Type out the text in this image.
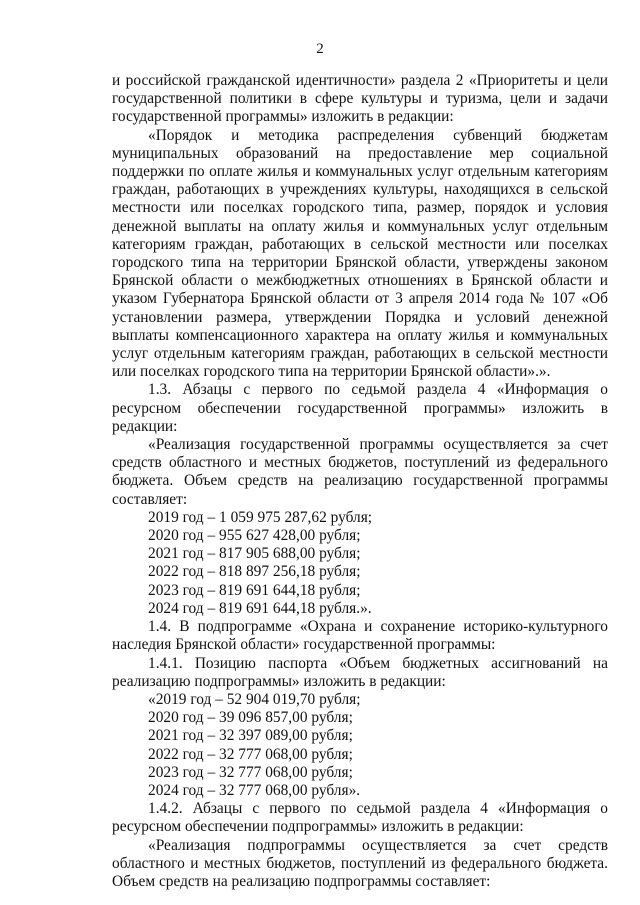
2

и российской гражданской идентичности» раздела 2 «Приоритеты и цели государственной политики в сфере культуры и туризма, цели и задачи государственной программы» изложить в редакции:

«Порядок и методика распределения субвенций бюджетам муниципальных образований на предоставление мер социальной поддержки по оплате жилья и коммунальных услуг отдельным категориям граждан, работающих в учреждениях культуры, находящихся в сельской местности или поселках городского типа, размер, порядок и условия денежной выплаты на оплату жилья и коммунальных услуг отдельным категориям граждан, работающих в сельской местности или поселках городского типа на территории Брянской области, утверждены законом Брянской области о межбюджетных отношениях в Брянской области и указом Губернатора Брянской области от 3 апреля 2014 года № 107 «Об установлении размера, утверждении Порядка и условий денежной выплаты компенсационного характера на оплату жилья и коммунальных услуг отдельным категориям граждан, работающих в сельской местности или поселках городского типа на территории Брянской области».».

1.3. Абзацы с первого по седьмой раздела 4 «Информация о ресурсном обеспечении государственной программы» изложить в редакции:

«Реализация государственной программы осуществляется за счет средств областного и местных бюджетов, поступлений из федерального бюджета. Объем средств на реализацию государственной программы составляет:

2019 год – 1 059 975 287,62 рубля;

2020 год – 955 627 428,00 рубля;

2021 год – 817 905 688,00 рубля;

2022 год – 818 897 256,18 рубля;

2023 год – 819 691 644,18 рубля;

2024 год – 819 691 644,18 рубля.».

1.4. В подпрограмме «Охрана и сохранение историко-культурного наследия Брянской области» государственной программы:

1.4.1. Позицию паспорта «Объем бюджетных ассигнований на реализацию подпрограммы» изложить в редакции:

«2019 год – 52 904 019,70 рубля;

2020 год – 39 096 857,00 рубля;

2021 год – 32 397 089,00 рубля;

2022 год – 32 777 068,00 рубля;

2023 год – 32 777 068,00 рубля;

2024 год – 32 777 068,00 рубля».

1.4.2. Абзацы с первого по седьмой раздела 4 «Информация о ресурсном обеспечении подпрограммы» изложить в редакции:

«Реализация подпрограммы осуществляется за счет средств областного и местных бюджетов, поступлений из федерального бюджета. Объем средств на реализацию подпрограммы составляет:
